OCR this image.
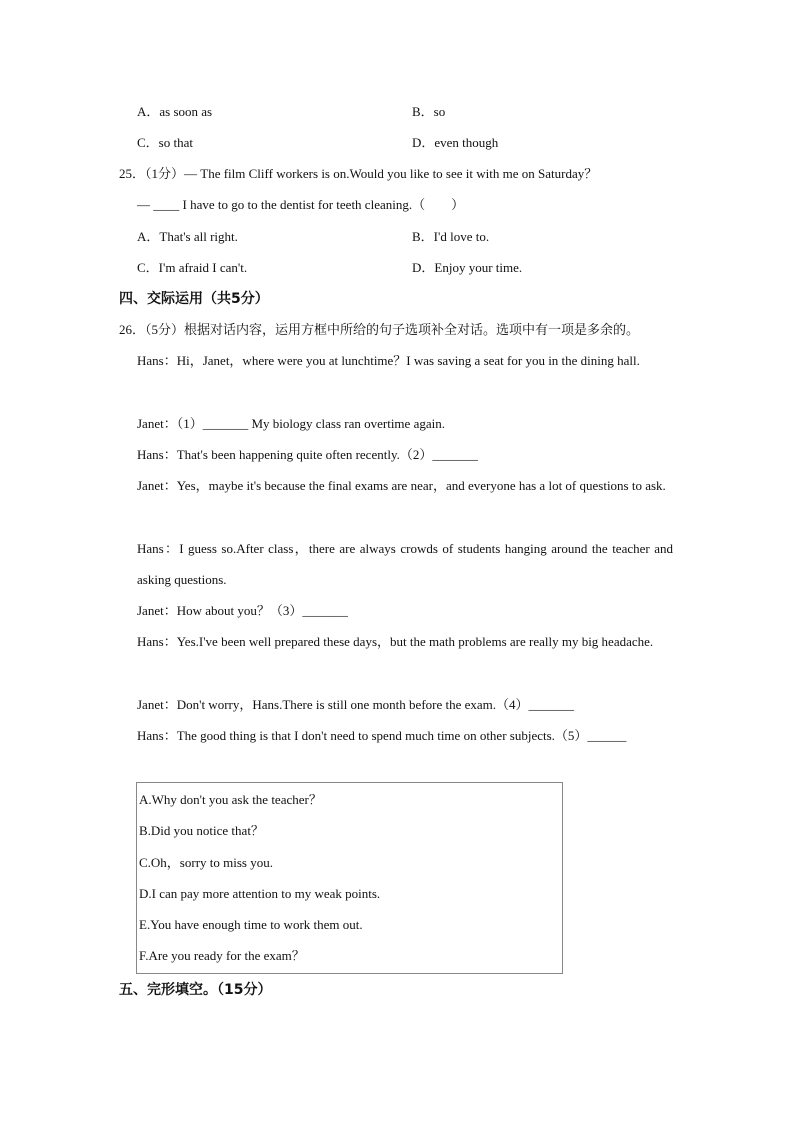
A．as soon as	B．so
C．so that	D．even though
25．（1分）— The film Cliff workers is on.Would you like to see it with me on Saturday？
— ____ I have to go to the dentist for teeth cleaning.（　　）
A．That's all right.	B．I'd love to.
C．I'm afraid I can't.	D．Enjoy your time.
四、交际运用（共5分）
26．（5分）根据对话内容，运用方框中所给的句子选项补全对话。选项中有一项是多余的。
Hans：Hi，Janet，where were you at lunchtime？I was saving a seat for you in the dining hall.
Janet：（1）_______ My biology class ran overtime again.
Hans：That's been happening quite often recently.（2）_______
Janet：Yes，maybe it's because the final exams are near，and everyone has a lot of questions to ask.
Hans：I guess so.After class，there are always crowds of students hanging around the teacher and asking questions.
Janet：How about you？（3）_______
Hans：Yes.I've been well prepared these days，but the math problems are really my big headache.
Janet：Don't worry，Hans.There is still one month before the exam.（4）_______
Hans：The good thing is that I don't need to spend much time on other subjects.（5）______
A.Why don't you ask the teacher？
B.Did you notice that？
C.Oh，sorry to miss you.
D.I can pay more attention to my weak points.
E.You have enough time to work them out.
F.Are you ready for the exam？
五、完形填空。（15分）
